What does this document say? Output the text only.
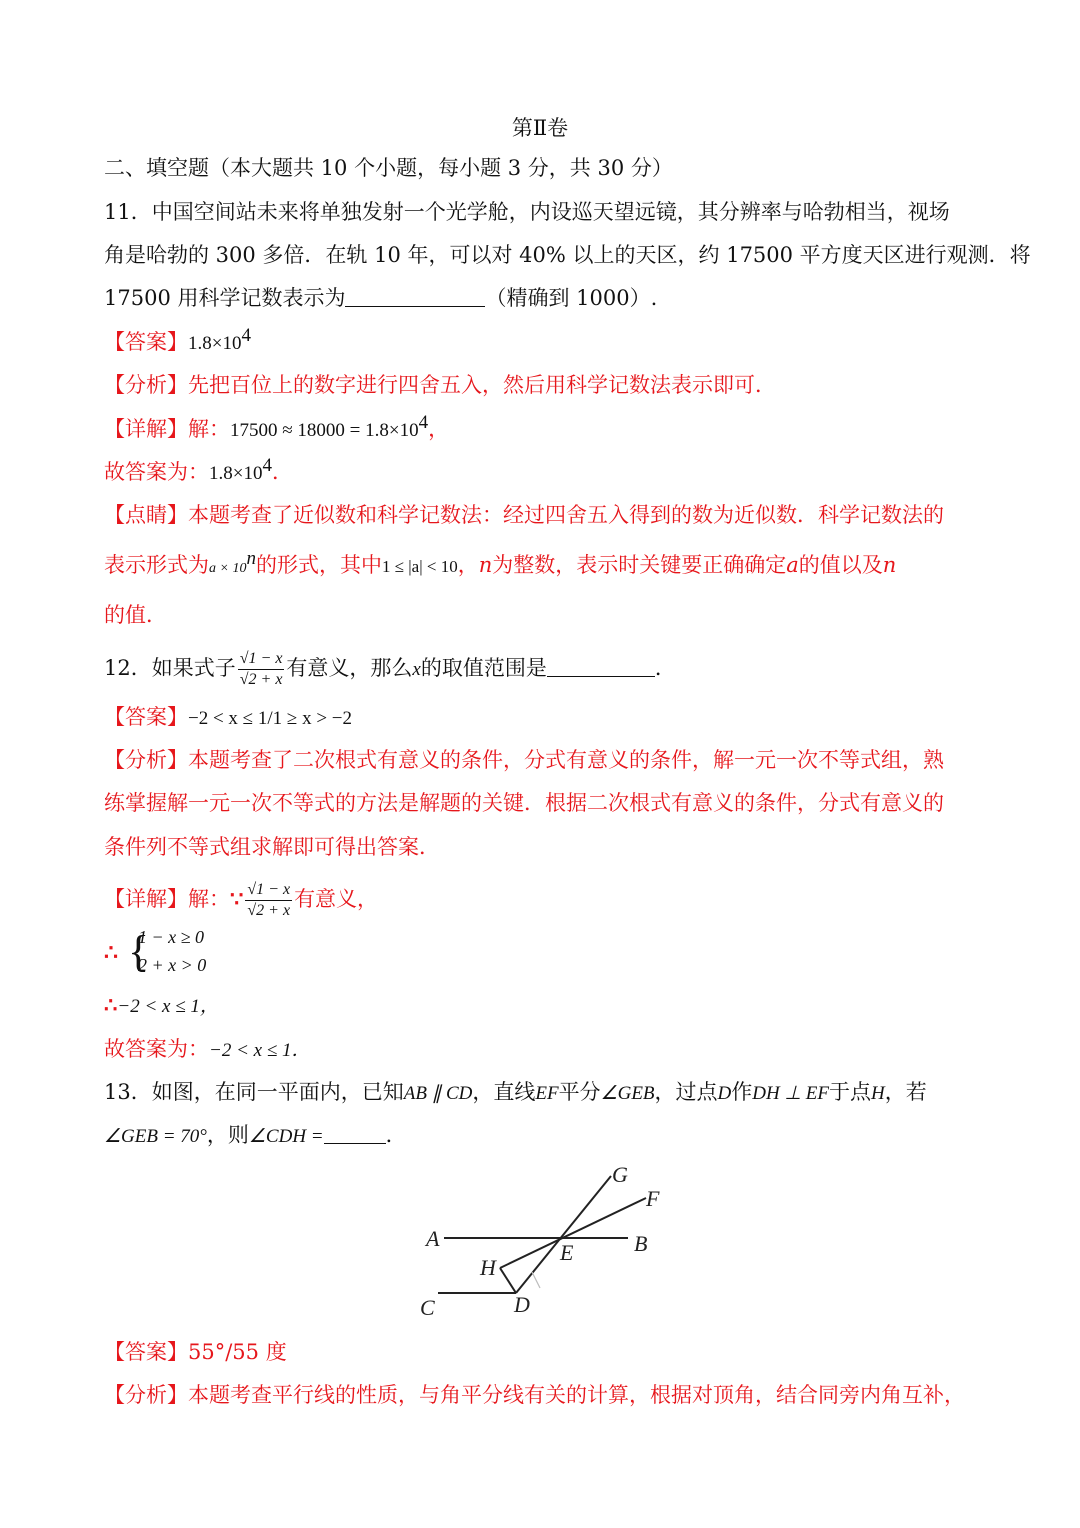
第Ⅱ卷
二、填空题（本大题共 10 个小题，每小题 3 分，共 30 分）
11．中国空间站未来将单独发射一个光学舱，内设巡天望远镜，其分辨率与哈勃相当，视场
角是哈勃的 300 多倍．在轨 10 年，可以对 40% 以上的天区，约 17500 平方度天区进行观测．将
17500 用科学记数表示为	（精确到 1000）.
【答案】$1.8\times 10^4$
【分析】先把百位上的数字进行四舍五入，然后用科学记数法表示即可．
【详解】解：$17500 \approx 18000 = 1.8\times 10^4$，
故答案为：$1.8\times 10^4$．
【点睛】本题考查了近似数和科学记数法：经过四舍五入得到的数为近似数．科学记数法的
表示形式为$a \times 10^n$的形式，其中1 ≤ |a| < 10，n为整数，表示时关键要正确确定a的值以及n
的值．
12．如果式子 $\frac{√1 - x}{√2 + x}$ 有意义，那么x的取值范围是	．
【答案】−2 < x ≤ 1/1 ≥ x > −2
【分析】本题考查了二次根式有意义的条件，分式有意义的条件，解一元一次不等式组，熟
练掌握解一元一次不等式的方法是解题的关键．根据二次根式有意义的条件，分式有意义的
条件列不等式组求解即可得出答案．
【详解】解：∵ $\frac{√1 - x}{√2 + x}$ 有意义，
∴ {
1 − x ≥ 0
2 + x > 0
∴−2 < x ≤ 1，
故答案为：−2 < x ≤ 1．
13．如图，在同一平面内，已知AB ∥ CD，直线EF平分∠GEB，过点D作DH ⊥ EF于点H，若
∠GEB = 70°，则∠CDH =	．
G
F
A	B
E
H
C	D
【答案】55°/55 度
【分析】本题考查平行线的性质，与角平分线有关的计算，根据对顶角，结合同旁内角互补，
